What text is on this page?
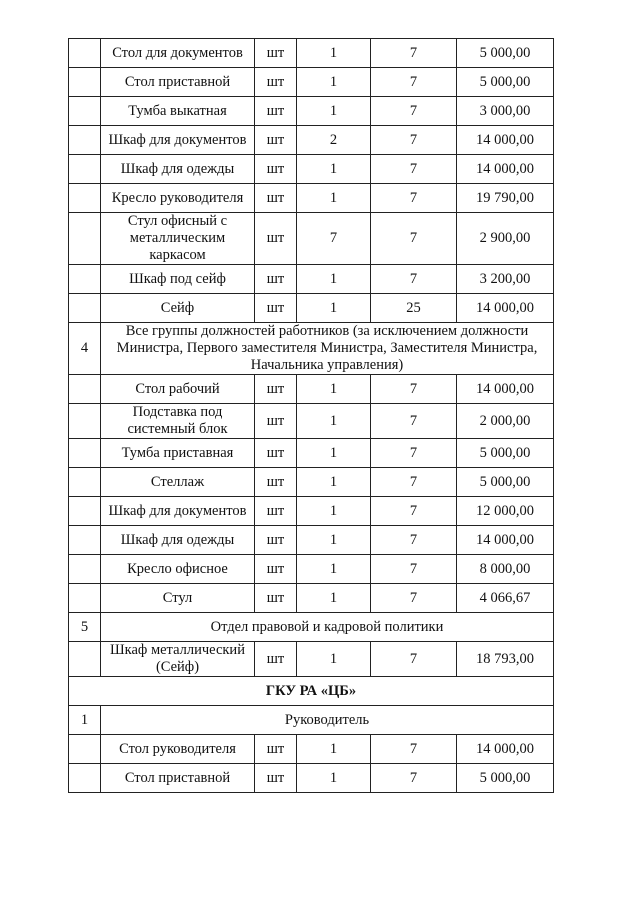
	Стол для документов	шт	1	7	5 000,00
	Стол приставной	шт	1	7	5 000,00
	Тумба выкатная	шт	1	7	3 000,00
	Шкаф для документов	шт	2	7	14 000,00
	Шкаф для одежды	шт	1	7	14 000,00
	Кресло руководителя	шт	1	7	19 790,00
	Стул офисный с металлическим каркасом	шт	7	7	2 900,00
	Шкаф под сейф	шт	1	7	3 200,00
	Сейф	шт	1	25	14 000,00
4	Все группы должностей работников (за исключением должности Министра, Первого заместителя Министра, Заместителя Министра, Начальника управления)				
	Стол рабочий	шт	1	7	14 000,00
	Подставка под системный блок	шт	1	7	2 000,00
	Тумба приставная	шт	1	7	5 000,00
	Стеллаж	шт	1	7	5 000,00
	Шкаф для документов	шт	1	7	12 000,00
	Шкаф для одежды	шт	1	7	14 000,00
	Кресло офисное	шт	1	7	8 000,00
	Стул	шт	1	7	4 066,67
5	Отдел правовой и кадровой политики				
	Шкаф металлический (Сейф)	шт	1	7	18 793,00
ГКУ РА «ЦБ»					
1	Руководитель				
	Стол руководителя	шт	1	7	14 000,00
	Стол приставной	шт	1	7	5 000,00
